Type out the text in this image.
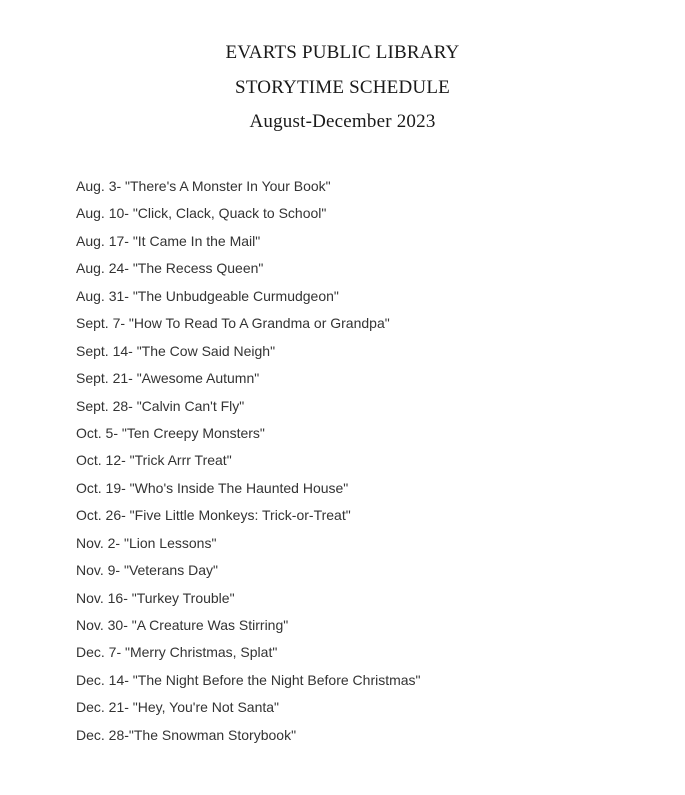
EVARTS PUBLIC LIBRARY
STORYTIME SCHEDULE
August-December 2023
Aug. 3- "There's A Monster In Your Book"
Aug. 10- "Click, Clack, Quack to School"
Aug. 17- "It Came In the Mail"
Aug. 24- "The Recess Queen"
Aug. 31- "The Unbudgeable Curmudgeon"
Sept. 7- "How To Read To A Grandma or Grandpa"
Sept. 14- "The Cow Said Neigh"
Sept. 21- "Awesome Autumn"
Sept. 28- "Calvin Can't Fly"
Oct. 5- "Ten Creepy Monsters"
Oct. 12- "Trick Arrr Treat"
Oct. 19- "Who's Inside The Haunted House"
Oct. 26- "Five Little Monkeys: Trick-or-Treat"
Nov. 2- "Lion Lessons"
Nov. 9- "Veterans Day"
Nov. 16- "Turkey Trouble"
Nov. 30- "A Creature Was Stirring"
Dec. 7- "Merry Christmas, Splat"
Dec. 14- "The Night Before the Night Before Christmas"
Dec. 21- "Hey, You're Not Santa"
Dec. 28-"The Snowman Storybook"
